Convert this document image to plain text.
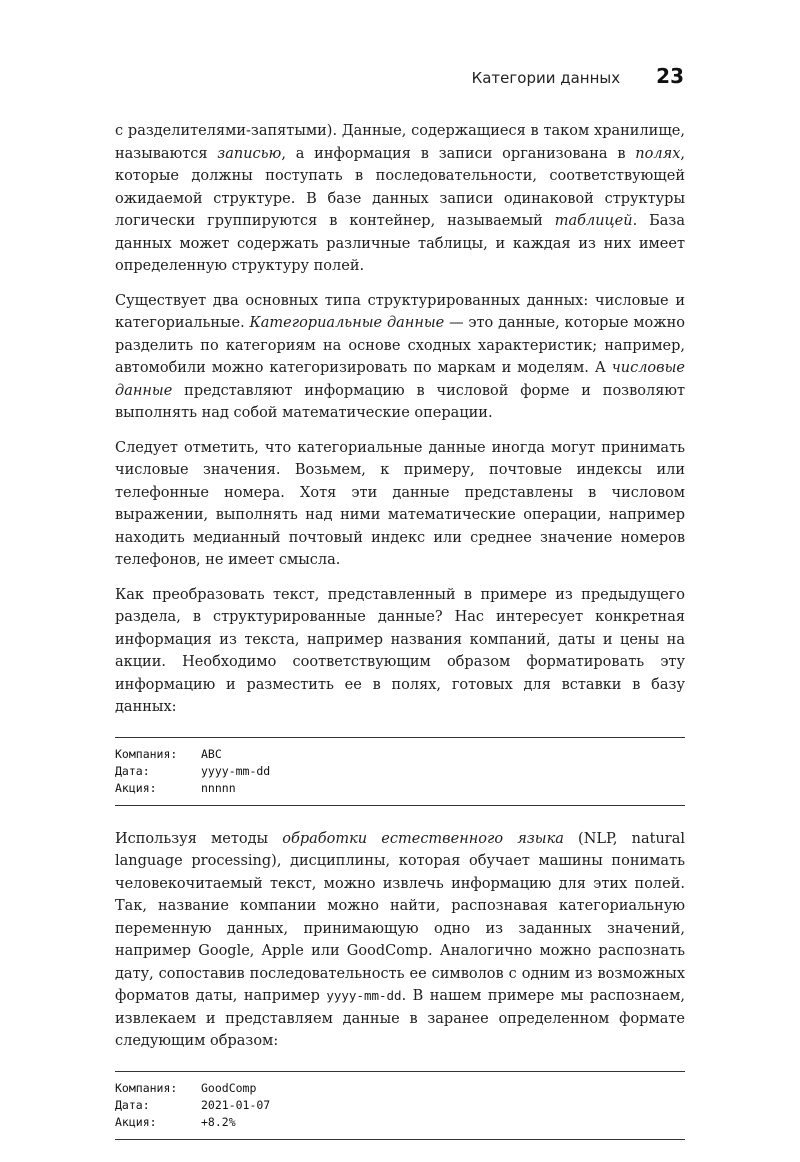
Категории данных 23

с разделителями-запятыми). Данные, содержащиеся в таком хранилище, называются записью, а информация в записи организована в полях, которые должны поступать в последовательности, соответствующей ожидаемой структуре. В базе данных записи одинаковой структуры логически группируются в контейнер, называемый таблицей. База данных может содержать различные таблицы, и каждая из них имеет определенную структуру полей.

Существует два основных типа структурированных данных: числовые и категориальные. Категориальные данные — это данные, которые можно разделить по категориям на основе сходных характеристик; например, автомобили можно категоризировать по маркам и моделям. А числовые данные представляют информацию в числовой форме и позволяют выполнять над собой математические операции.

Следует отметить, что категориальные данные иногда могут принимать числовые значения. Возьмем, к примеру, почтовые индексы или телефонные номера. Хотя эти данные представлены в числовом выражении, выполнять над ними математические операции, например находить медианный почтовый индекс или среднее значение номеров телефонов, не имеет смысла.

Как преобразовать текст, представленный в примере из предыдущего раздела, в структурированные данные? Нас интересует конкретная информация из текста, например названия компаний, даты и цены на акции. Необходимо соответствующим образом форматировать эту информацию и разместить ее в полях, готовых для вставки в базу данных:

Компания:	ABC
Дата:	yyyy-mm-dd
Акция:	nnnnn

Используя методы обработки естественного языка (NLP, natural language processing), дисциплины, которая обучает машины понимать человекочитаемый текст, можно извлечь информацию для этих полей. Так, название компании можно найти, распознавая категориальную переменную данных, принимающую одно из заданных значений, например Google, Apple или GoodComp. Аналогично можно распознать дату, сопоставив последовательность ее символов с одним из возможных форматов даты, например yyyy-mm-dd. В нашем примере мы распознаем, извлекаем и представляем данные в заранее определенном формате следующим образом:

Компания:	GoodComp
Дата:	2021-01-07
Акция:	+8.2%
